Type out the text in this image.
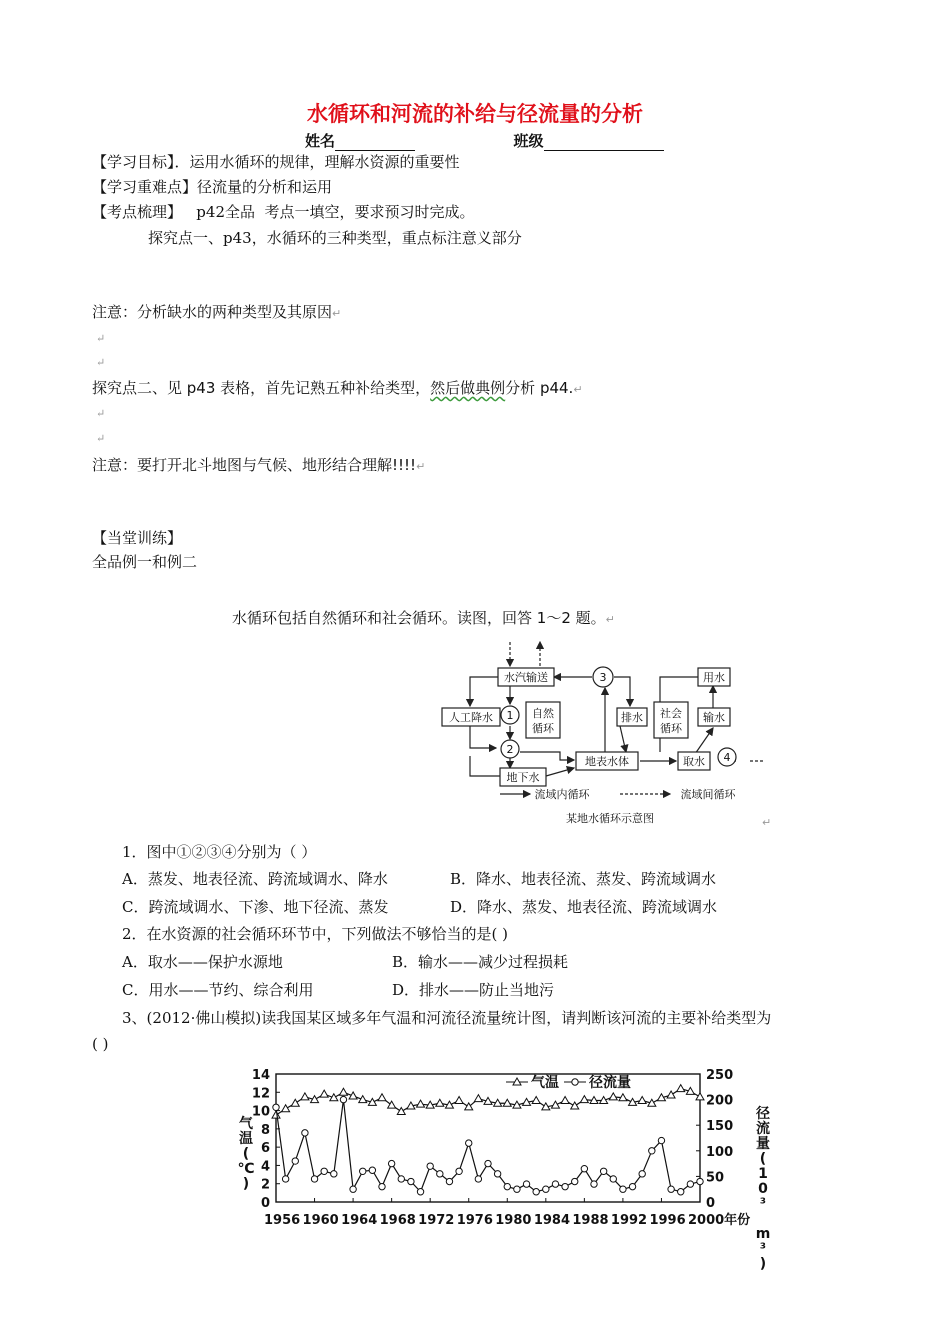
水循环和河流的补给与径流量的分析
姓名	班级
【学习目标】．运用水循环的规律，理解水资源的重要性
【学习重难点】径流量的分析和运用
【考点梳理】   p42全品  考点一填空，要求预习时完成。
探究点一、p43，水循环的三种类型，重点标注意义部分
注意：分析缺水的两种类型及其原因↵
↵
↵
探究点二、见 p43 表格，首先记熟五种补给类型，然后做典例分析 p44.↵
↵
↵
注意：要打开北斗地图与气候、地形结合理解!!!!↵
【当堂训练】
全品例一和例二
水循环包括自然循环和社会循环。读图，回答 1～2 题。↵
水汽输送
人工降水
地下水
地表水体
排水
用水
输水
取水
自然
循环
社会
循环
1
2
3
4
流域内循环	流域间循环
某地水循环示意图	↵
1．图中①②③④分别为（ ）
A．蒸发、地表径流、跨流域调水、降水	B．降水、地表径流、蒸发、跨流域调水
C．跨流域调水、下渗、地下径流、蒸发	D．降水、蒸发、地表径流、跨流域调水
2．在水资源的社会循环环节中，下列做法不够恰当的是( )
A．取水——保护水源地	B．输水——减少过程损耗
C．用水——节约、综合利用	D．排水——防止当地污
3、(2012·佛山模拟)读我国某区域多年气温和河流径流量统计图，请判断该河流的主要补给类型为
( )
0
2
4
6
8
10
12
14
0
50
100
150
200
250
1956 1960 1964 1968 1972 1976 1980 1984 1988 1992 1996 2000年份
气温( ℃ )
径流量( 1 0 ³ m ³ )
气温 径流量
